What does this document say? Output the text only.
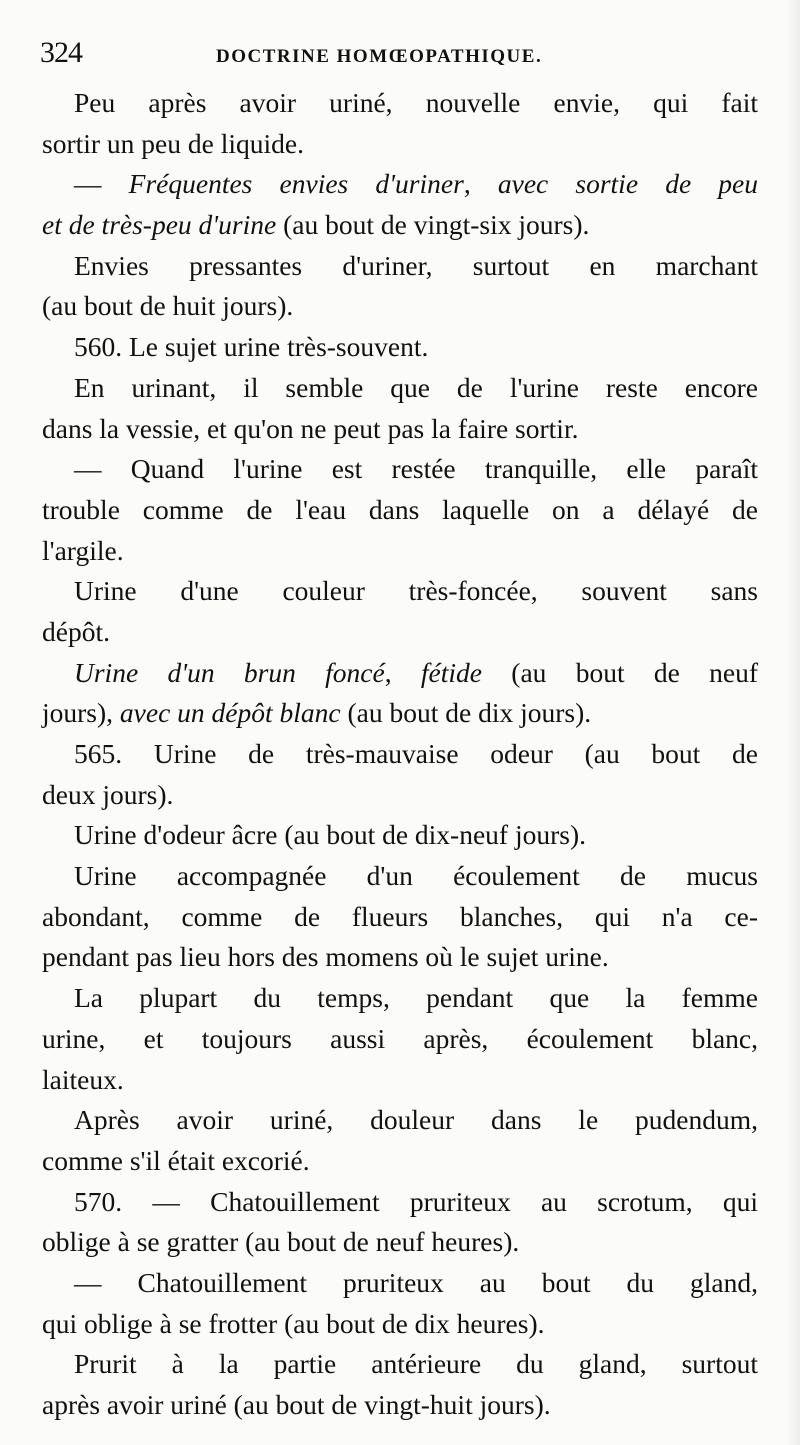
324	DOCTRINE HOMŒOPATHIQUE.
Peu après avoir uriné, nouvelle envie, qui fait
sortir un peu de liquide.
— Fréquentes envies d'uriner, avec sortie de peu
et de très-peu d'urine (au bout de vingt-six jours).
Envies pressantes d'uriner, surtout en marchant
(au bout de huit jours).
560. Le sujet urine très-souvent.
En urinant, il semble que de l'urine reste encore
dans la vessie, et qu'on ne peut pas la faire sortir.
— Quand l'urine est restée tranquille, elle paraît
trouble comme de l'eau dans laquelle on a délayé de
l'argile.
Urine d'une couleur très-foncée, souvent sans
dépôt.
Urine d'un brun foncé, fétide (au bout de neuf
jours), avec un dépôt blanc (au bout de dix jours).
565. Urine de très-mauvaise odeur (au bout de
deux jours).
Urine d'odeur âcre (au bout de dix-neuf jours).
Urine accompagnée d'un écoulement de mucus
abondant, comme de flueurs blanches, qui n'a ce-
pendant pas lieu hors des momens où le sujet urine.
La plupart du temps, pendant que la femme
urine, et toujours aussi après, écoulement blanc,
laiteux.
Après avoir uriné, douleur dans le pudendum,
comme s'il était excorié.
570. — Chatouillement pruriteux au scrotum, qui
oblige à se gratter (au bout de neuf heures).
— Chatouillement pruriteux au bout du gland,
qui oblige à se frotter (au bout de dix heures).
Prurit à la partie antérieure du gland, surtout
après avoir uriné (au bout de vingt-huit jours).
